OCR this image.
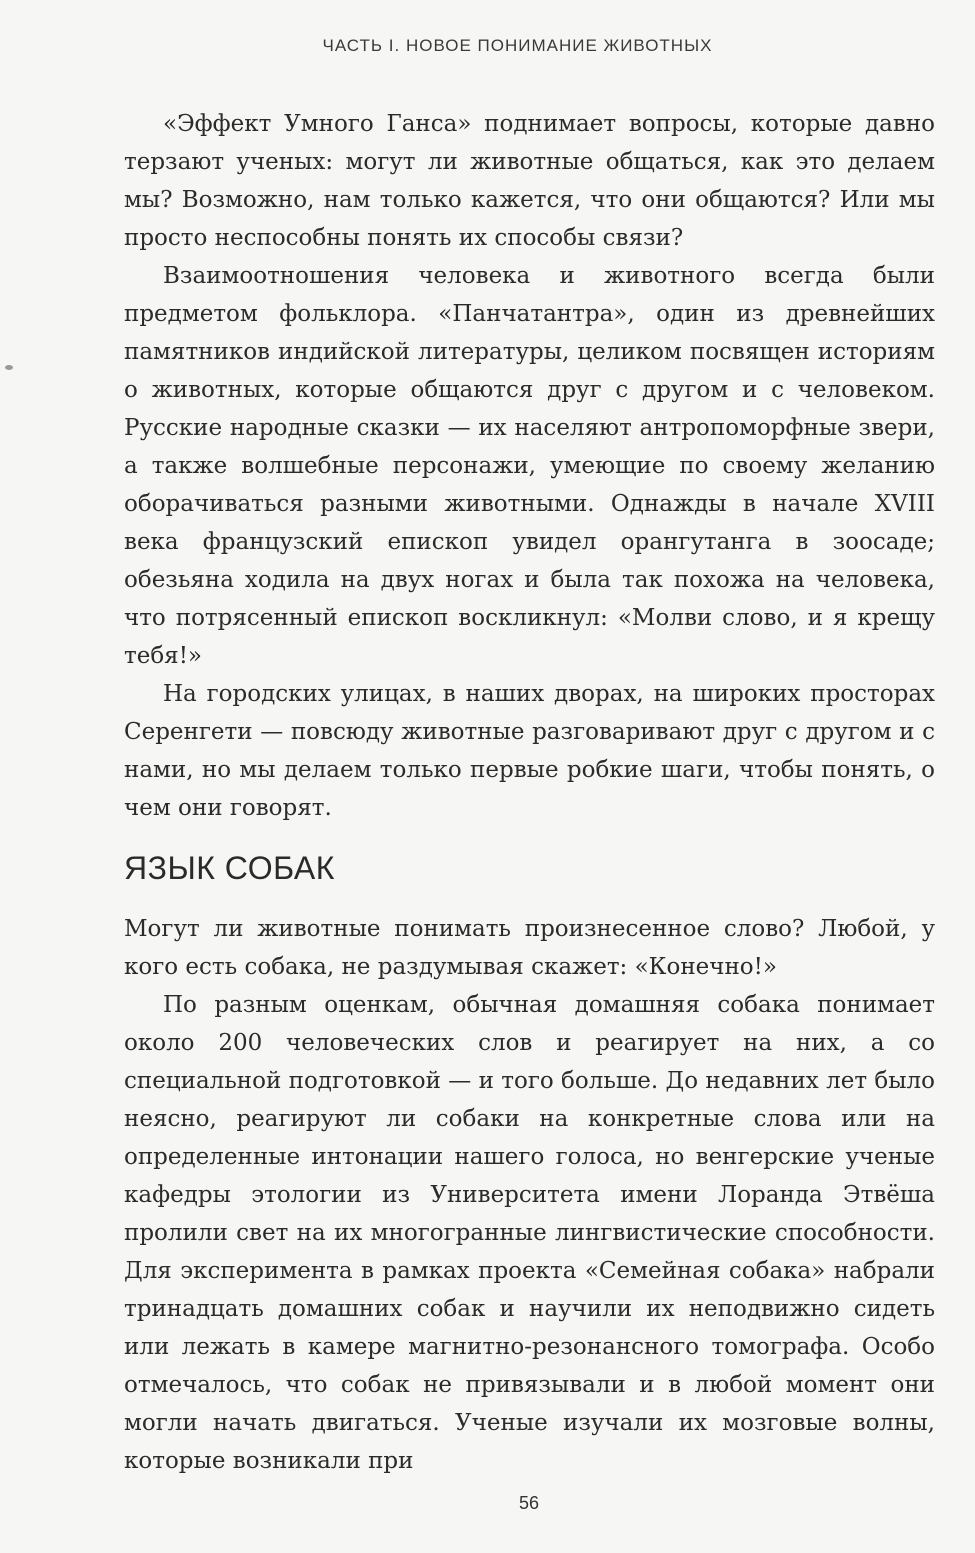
ЧАСТЬ I. НОВОЕ ПОНИМАНИЕ ЖИВОТНЫХ

«Эффект Умного Ганса» поднимает вопросы, которые давно терзают ученых: могут ли животные общаться, как это делаем мы? Возможно, нам только кажется, что они общаются? Или мы просто неспособны понять их способы связи?

Взаимоотношения человека и животного всегда были предметом фольклора. «Панчатантра», один из древнейших памятников индийской литературы, целиком посвящен историям о животных, которые общаются друг с другом и с человеком. Русские народные сказки — их населяют антропоморфные звери, а также волшебные персонажи, умеющие по своему желанию оборачиваться разными животными. Однажды в начале XVIII века французский епископ увидел орангутанга в зоосаде; обезьяна ходила на двух ногах и была так похожа на человека, что потрясенный епископ воскликнул: «Молви слово, и я крещу тебя!»

На городских улицах, в наших дворах, на широких просторах Серенгети — повсюду животные разговаривают друг с другом и с нами, но мы делаем только первые робкие шаги, чтобы понять, о чем они говорят.

ЯЗЫК СОБАК

Могут ли животные понимать произнесенное слово? Любой, у кого есть собака, не раздумывая скажет: «Конечно!»

По разным оценкам, обычная домашняя собака понимает около 200 человеческих слов и реагирует на них, а со специальной подготовкой — и того больше. До недавних лет было неясно, реагируют ли собаки на конкретные слова или на определенные интонации нашего голоса, но венгерские ученые кафедры этологии из Университета имени Лоранда Этвёша пролили свет на их многогранные лингвистические способности. Для эксперимента в рамках проекта «Семейная собака» набрали тринадцать домашних собак и научили их неподвижно сидеть или лежать в камере магнитно-резонансного томографа. Особо отмечалось, что собак не привязывали и в любой момент они могли начать двигаться. Ученые изучали их мозговые волны, которые возникали при

56
